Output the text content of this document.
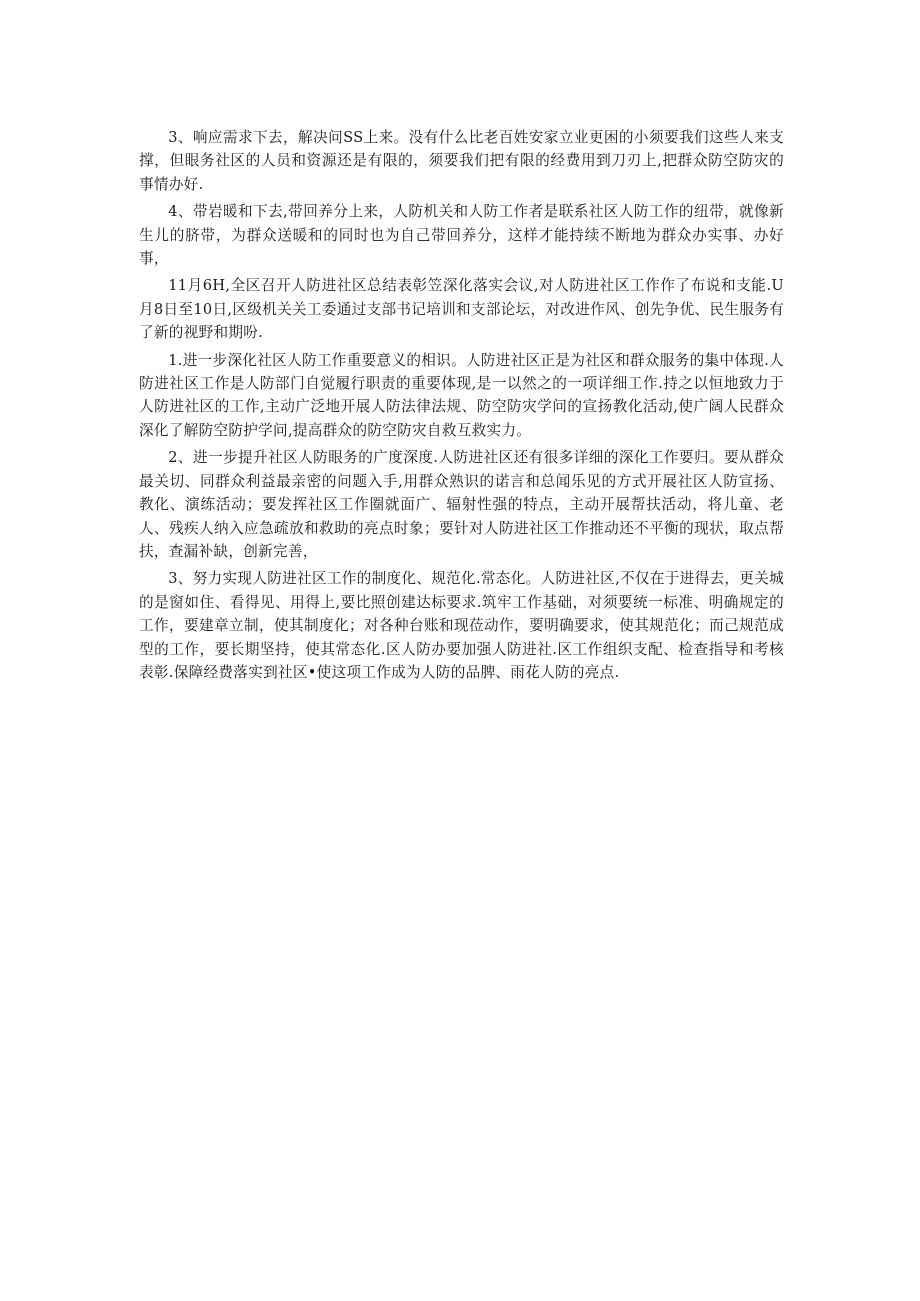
3、响应需求下去，解决问SS上来。没有什么比老百姓安家立业更困的小须要我们这些人来支撑，但眼务社区的人员和资源还是有限的，须要我们把有限的经费用到刀刃上,把群众防空防灾的事情办好.

4、带岩暖和下去,带回养分上来，人防机关和人防工作者是联系社区人防工作的纽带，就像新生儿的脐带，为群众送暖和的同时也为自己带回养分，这样才能持续不断地为群众办实事、办好事，

11月6H,全区召开人防进社区总结表彰笠深化落实会议,对人防进社区工作作了布说和支能.U月8日至10日,区级机关关工委通过支部书记培训和支部论坛，对改进作风、创先争优、民生服务有了新的视野和期吩.

1.进一步深化社区人防工作重要意义的相识。人防进社区正是为社区和群众服务的集中体现.人防进社区工作是人防部门自觉履行职责的重要体现,是一以然之的一项详细工作.持之以恒地致力于人防进社区的工作,主动广泛地开展人防法律法规、防空防灾学问的宣扬教化活动,使广阔人民群众深化了解防空防护学问,提高群众的防空防灾自救互救实力。

2、进一步提升社区人防眼务的广度深度.人防进社区还有很多详细的深化工作要归。要从群众最关切、同群众利益最亲密的问题入手,用群众熟识的诺言和总闻乐见的方式开展社区人防宣扬、教化、演练活动；要发挥社区工作圈就面广、辐射性强的特点，主动开展帮扶活动，将儿童、老人、残疾人纳入应急疏放和救助的亮点时象；要针对人防进社区工作推动还不平衡的现状，取点帮扶，查漏补缺，创新完善，

3、努力实现人防进社区工作的制度化、规范化.常态化。人防进社区,不仅在于进得去，更关城的是窗如住、看得见、用得上,要比照创建达标要求.筑牢工作基础，对须要统一标准、明确规定的工作，要建章立制，使其制度化；对各种台账和现莅动作，要明确要求，使其规范化；而己规范成型的工作，要长期坚持，使其常态化.区人防办要加强人防进社.区工作组织支配、检查指导和考核表彰.保障经费落实到社区•使这项工作成为人防的品脾、雨花人防的亮点.
